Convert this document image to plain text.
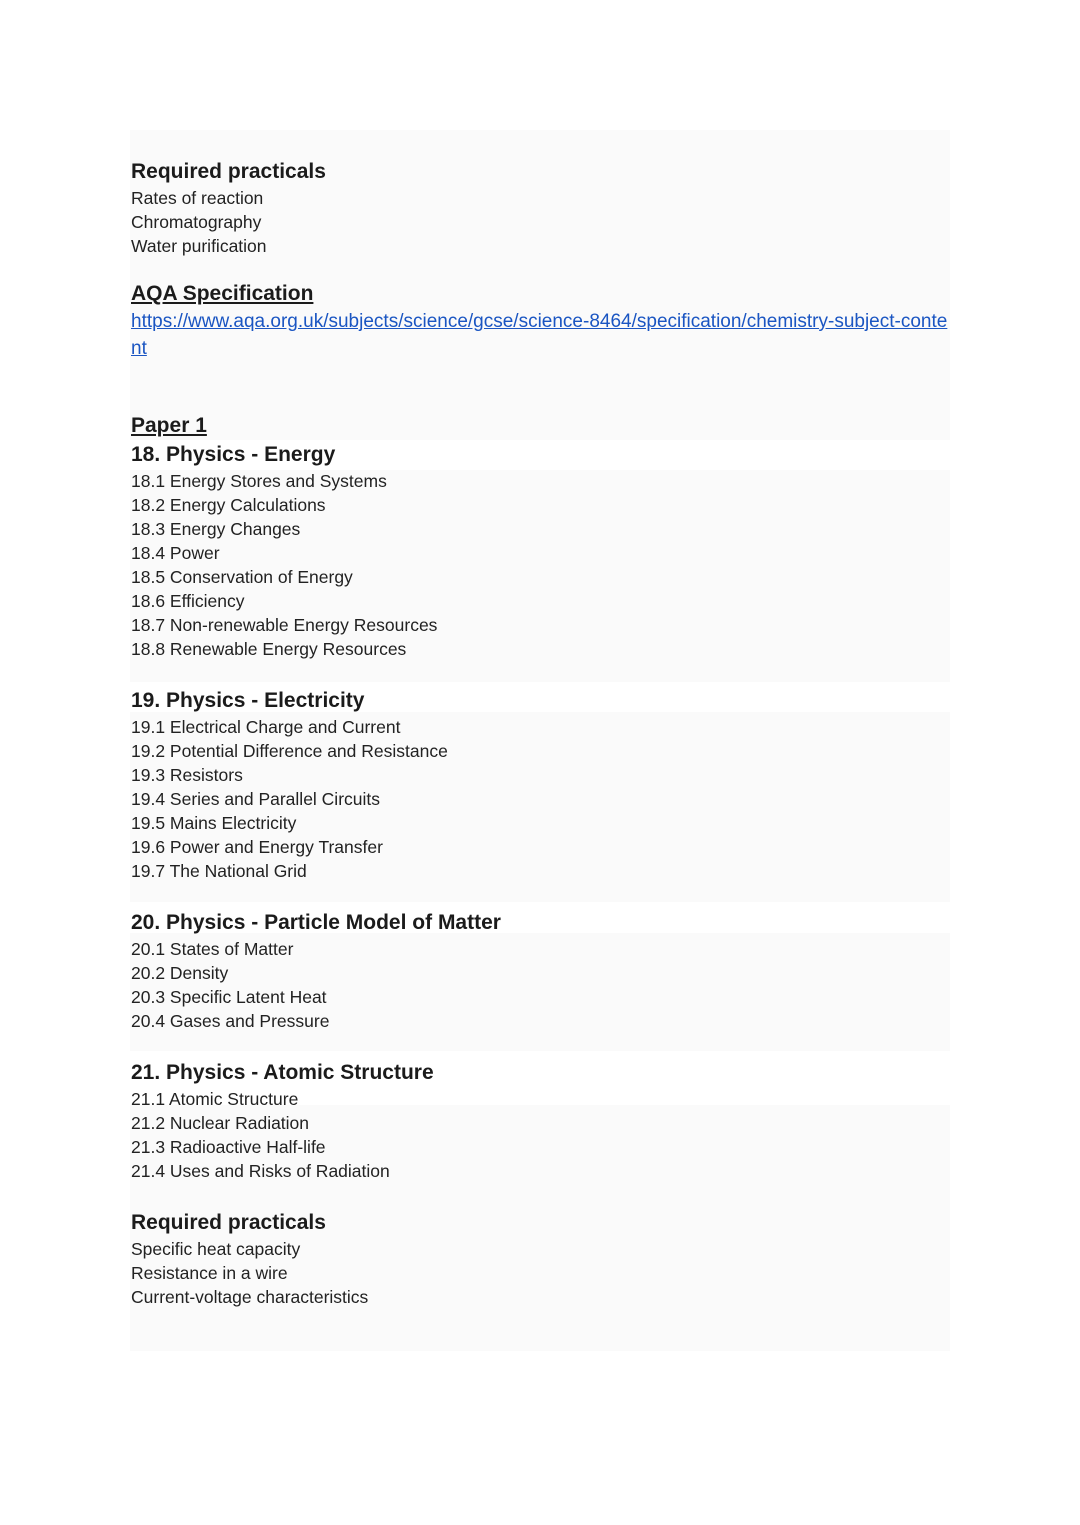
Required practicals
Rates of reaction
Chromatography
Water purification
AQA Specification
https://www.aqa.org.uk/subjects/science/gcse/science-8464/specification/chemistry-subject-content
Paper 1
18. Physics - Energy
18.1 Energy Stores and Systems
18.2 Energy Calculations
18.3 Energy Changes
18.4 Power
18.5 Conservation of Energy
18.6 Efficiency
18.7 Non-renewable Energy Resources
18.8 Renewable Energy Resources
19. Physics - Electricity
19.1 Electrical Charge and Current
19.2 Potential Difference and Resistance
19.3 Resistors
19.4 Series and Parallel Circuits
19.5 Mains Electricity
19.6 Power and Energy Transfer
19.7 The National Grid
20. Physics - Particle Model of Matter
20.1 States of Matter
20.2 Density
20.3 Specific Latent Heat
20.4 Gases and Pressure
21. Physics - Atomic Structure
21.1 Atomic Structure
21.2 Nuclear Radiation
21.3 Radioactive Half-life
21.4 Uses and Risks of Radiation
Required practicals
Specific heat capacity
Resistance in a wire
Current-voltage characteristics
